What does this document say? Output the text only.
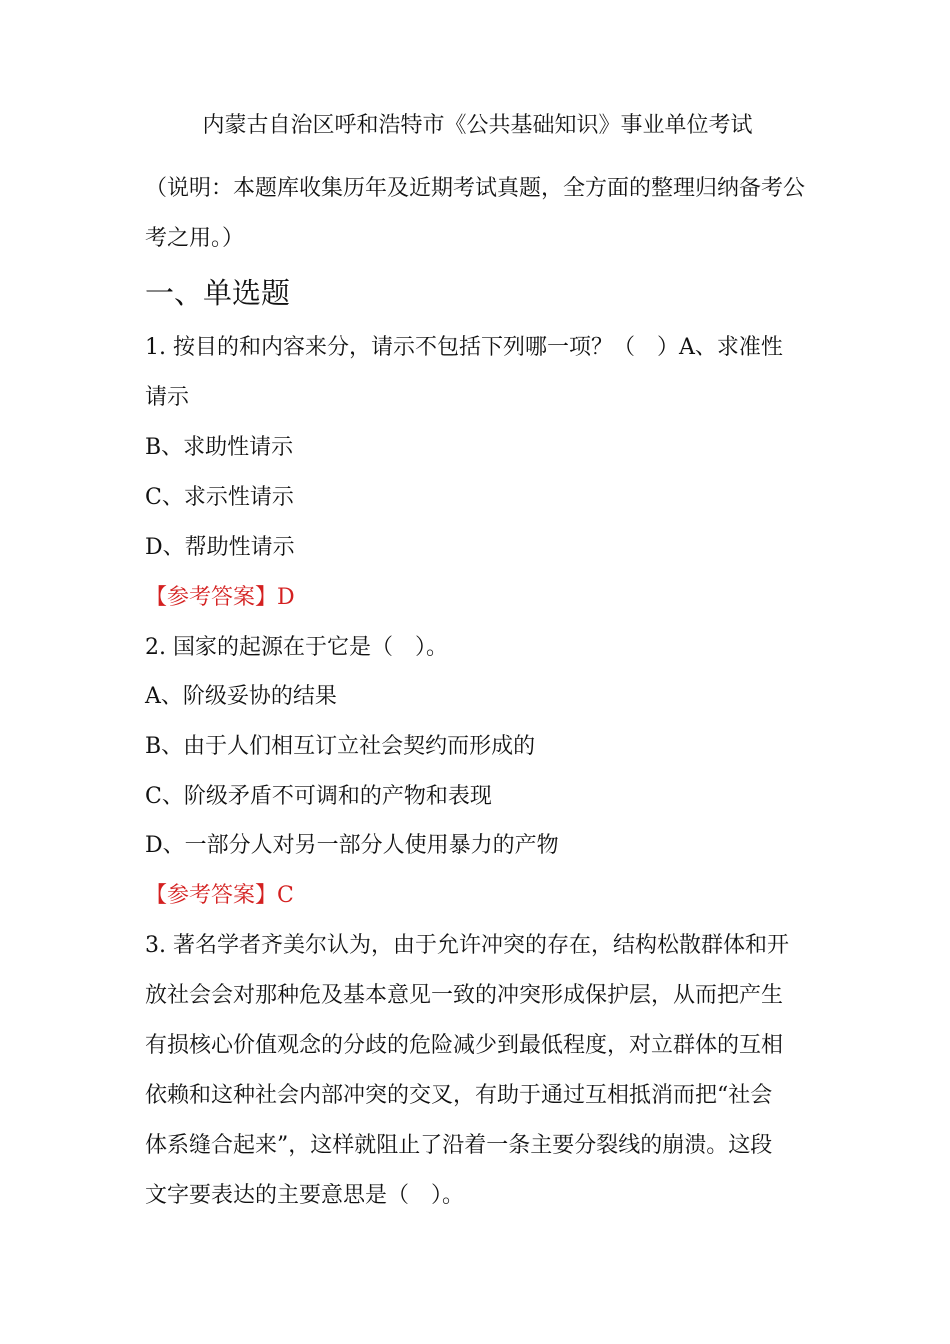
内蒙古自治区呼和浩特市《公共基础知识》事业单位考试
（说明：本题库收集历年及近期考试真题，全方面的整理归纳备考公考之用。）
一、单选题
1. 按目的和内容来分，请示不包括下列哪一项？（　）A、求准性
请示
B、求助性请示
C、求示性请示
D、帮助性请示
【参考答案】D
2. 国家的起源在于它是（　）。
A、阶级妥协的结果
B、由于人们相互订立社会契约而形成的
C、阶级矛盾不可调和的产物和表现
D、一部分人对另一部分人使用暴力的产物
【参考答案】C
3. 著名学者齐美尔认为，由于允许冲突的存在，结构松散群体和开
放社会会对那种危及基本意见一致的冲突形成保护层，从而把产生
有损核心价值观念的分歧的危险减少到最低程度，对立群体的互相
依赖和这种社会内部冲突的交叉，有助于通过互相抵消而把“社会
体系缝合起来”，这样就阻止了沿着一条主要分裂线的崩溃。这段
文字要表达的主要意思是（　）。
